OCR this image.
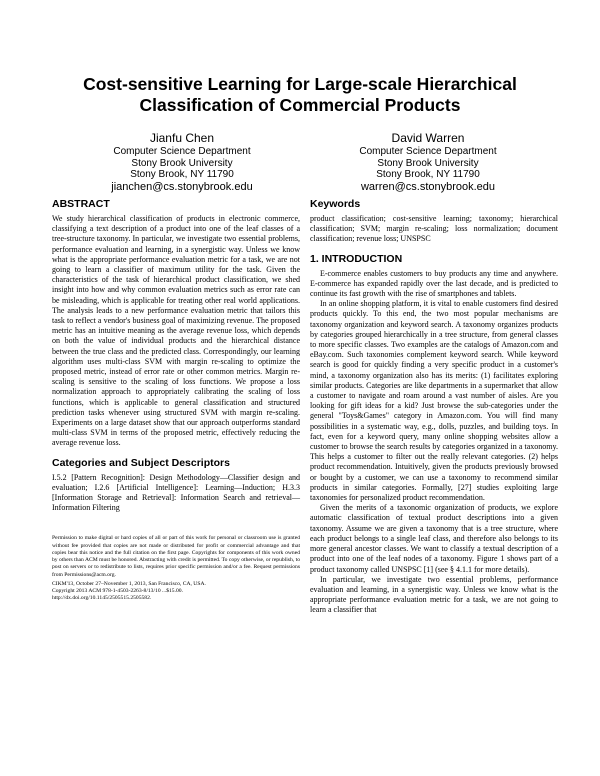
Cost-sensitive Learning for Large-scale Hierarchical
Classification of Commercial Products
Jianfu Chen
Computer Science Department
Stony Brook University
Stony Brook, NY 11790
jianchen@cs.stonybrook.edu
David Warren
Computer Science Department
Stony Brook University
Stony Brook, NY 11790
warren@cs.stonybrook.edu
ABSTRACT

We study hierarchical classification of products in electronic commerce, classifying a text description of a product into one of the leaf classes of a tree-structure taxonomy. In particular, we investigate two essential problems, performance evaluation and learning, in a synergistic way. Unless we know what is the appropriate performance evaluation metric for a task, we are not going to learn a classifier of maximum utility for the task. Given the characteristics of the task of hierarchical product classification, we shed insight into how and why common evaluation metrics such as error rate can be misleading, which is applicable for treating other real world applications. The analysis leads to a new performance evaluation metric that tailors this task to reflect a vendor's business goal of maximizing revenue. The proposed metric has an intuitive meaning as the average revenue loss, which depends on both the value of individual products and the hierarchical distance between the true class and the predicted class. Correspondingly, our learning algorithm uses multi-class SVM with margin re-scaling to optimize the proposed metric, instead of error rate or other common metrics. Margin re-scaling is sensitive to the scaling of loss functions. We propose a loss normalization approach to appropriately calibrating the scaling of loss functions, which is applicable to general classification and structured prediction tasks whenever using structured SVM with margin re-scaling. Experiments on a large dataset show that our approach outperforms standard multi-class SVM in terms of the proposed metric, effectively reducing the average revenue loss.

Categories and Subject Descriptors

I.5.2 [Pattern Recognition]: Design Methodology—Classifier design and evaluation; I.2.6 [Artificial Intelligence]: Learning—Induction; H.3.3 [Information Storage and Retrieval]: Information Search and retrieval—Information Filtering

Permission to make digital or hard copies of all or part of this work for personal or classroom use is granted without fee provided that copies are not made or distributed for profit or commercial advantage and that copies bear this notice and the full citation on the first page. Copyrights for components of this work owned by others than ACM must be honored. Abstracting with credit is permitted. To copy otherwise, or republish, to post on servers or to redistribute to lists, requires prior specific permission and/or a fee. Request permissions from Permissions@acm.org.

CIKM'13, October 27–November 1, 2013, San Francisco, CA, USA.

Copyright 2013 ACM 978-1-4503-2263-8/13/10 ...$15.00.

http://dx.doi.org/10.1145/2505515.2505582.

Keywords

product classification; cost-sensitive learning; taxonomy; hierarchical classification; SVM; margin re-scaling; loss normalization; document classification; revenue loss; UNSPSC

1. INTRODUCTION

E-commerce enables customers to buy products any time and anywhere. E-commerce has expanded rapidly over the last decade, and is predicted to continue its fast growth with the rise of smartphones and tablets.

In an online shopping platform, it is vital to enable customers find desired products quickly. To this end, the two most popular mechanisms are taxonomy organization and keyword search. A taxonomy organizes products by categories grouped hierarchically in a tree structure, from general classes to more specific classes. Two examples are the catalogs of Amazon.com and eBay.com. Such taxonomies complement keyword search. While keyword search is good for quickly finding a very specific product in a customer's mind, a taxonomy organization also has its merits: (1) facilitates exploring similar products. Categories are like departments in a supermarket that allow a customer to navigate and roam around a vast number of aisles. Are you looking for gift ideas for a kid? Just browse the sub-categories under the general "Toys&Games" category in Amazon.com. You will find many possibilities in a systematic way, e.g., dolls, puzzles, and building toys. In fact, even for a keyword query, many online shopping websites allow a customer to browse the search results by categories organized in a taxonomy. This helps a customer to filter out the really relevant categories. (2) helps product recommendation. Intuitively, given the products previously browsed or bought by a customer, we can use a taxonomy to recommend similar products in similar categories. Formally, [27] studies exploiting large taxonomies for personalized product recommendation.

Given the merits of a taxonomic organization of products, we explore automatic classification of textual product descriptions into a given taxonomy. Assume we are given a taxonomy that is a tree structure, where each product belongs to a single leaf class, and therefore also belongs to its more general ancestor classes. We want to classify a textual description of a product into one of the leaf nodes of a taxonomy. Figure 1 shows part of a product taxonomy called UNSPSC [1] (see § 4.1.1 for more details).

In particular, we investigate two essential problems, performance evaluation and learning, in a synergistic way. Unless we know what is the appropriate performance evaluation metric for a task, we are not going to learn a classifier that
